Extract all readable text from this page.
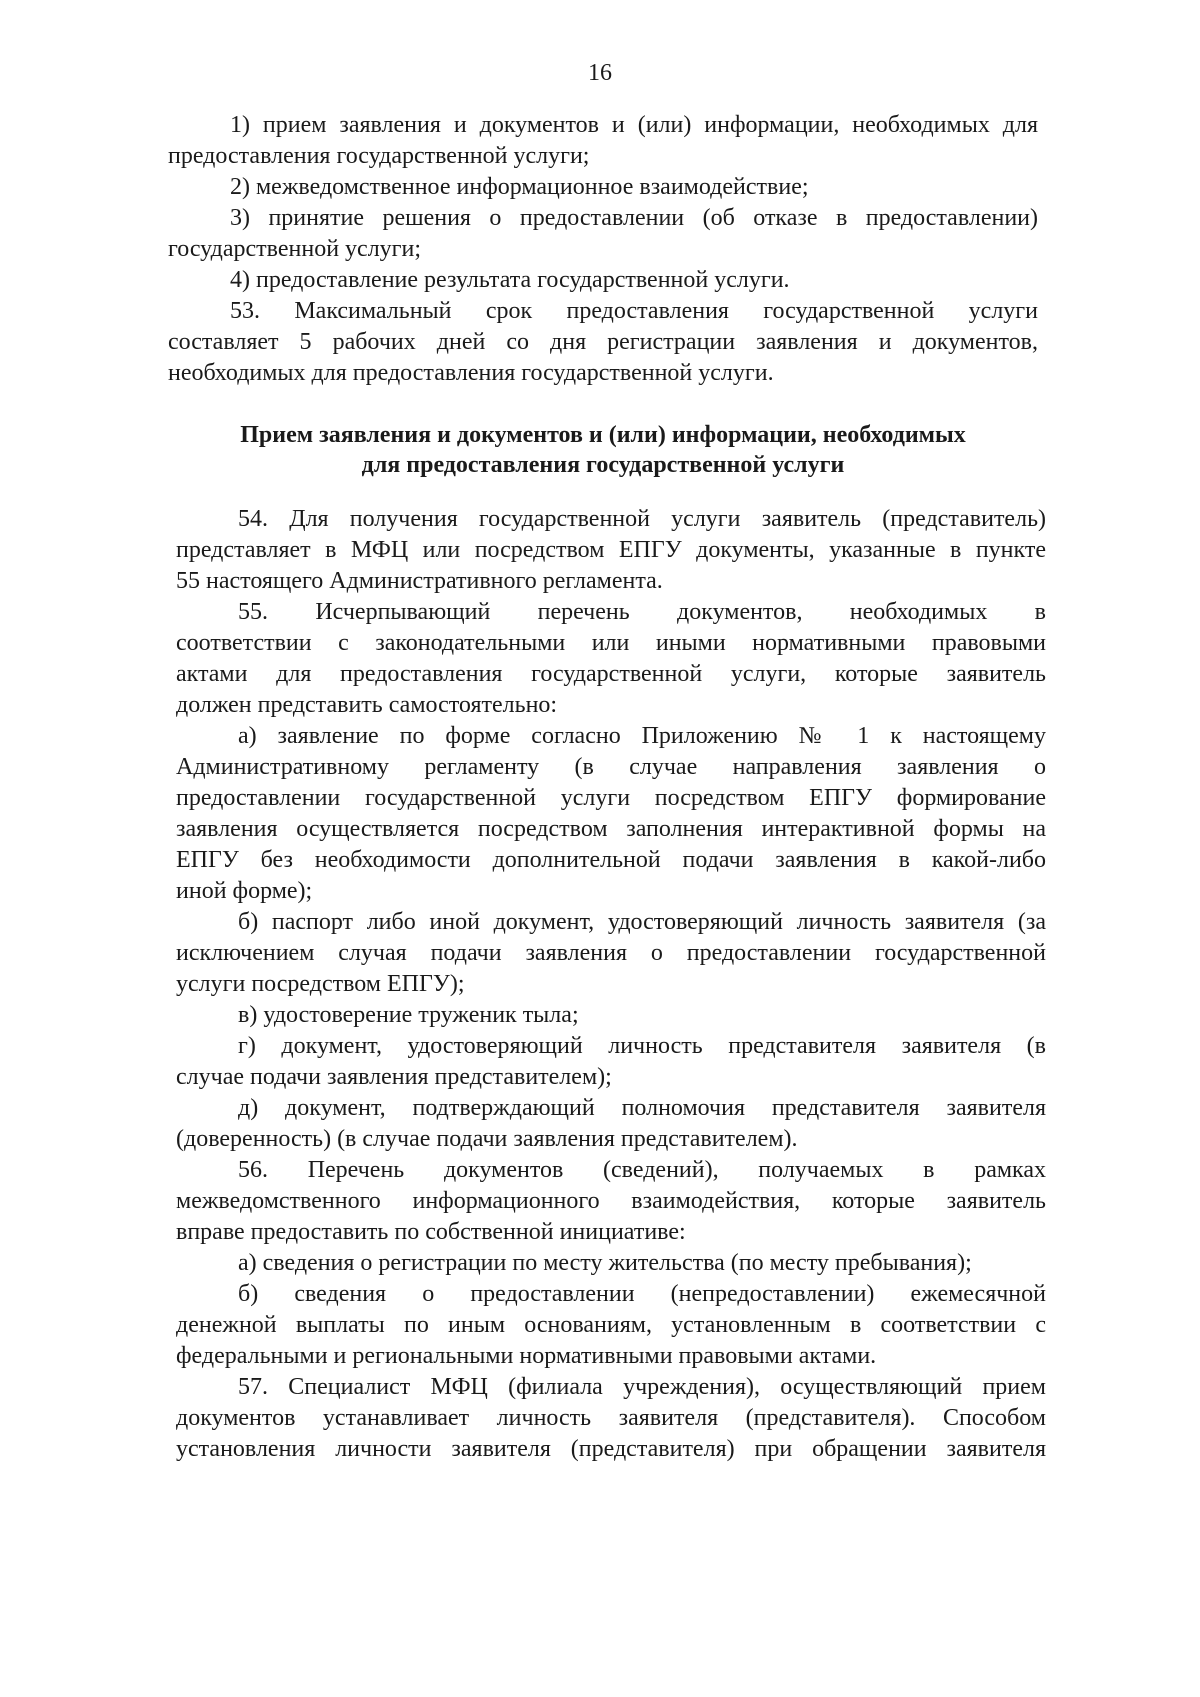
16
1) прием заявления и документов и (или) информации, необходимых для
предоставления государственной услуги;
2) межведомственное информационное взаимодействие;
3) принятие решения о предоставлении (об отказе в предоставлении)
государственной услуги;
4) предоставление результата государственной услуги.
53. Максимальный срок предоставления государственной услуги
составляет 5 рабочих дней со дня регистрации заявления и документов,
необходимых для предоставления государственной услуги.
Прием заявления и документов и (или) информации, необходимых
для предоставления государственной услуги
54. Для получения государственной услуги заявитель (представитель)
представляет в МФЦ или посредством ЕПГУ документы, указанные в пункте
55 настоящего Административного регламента.
55. Исчерпывающий перечень документов, необходимых в
соответствии с законодательными или иными нормативными правовыми
актами для предоставления государственной услуги, которые заявитель
должен представить самостоятельно:
а) заявление по форме согласно Приложению № 1 к настоящему
Административному регламенту (в случае направления заявления о
предоставлении государственной услуги посредством ЕПГУ формирование
заявления осуществляется посредством заполнения интерактивной формы на
ЕПГУ без необходимости дополнительной подачи заявления в какой-либо
иной форме);
б) паспорт либо иной документ, удостоверяющий личность заявителя (за
исключением случая подачи заявления о предоставлении государственной
услуги посредством ЕПГУ);
в) удостоверение труженик тыла;
г) документ, удостоверяющий личность представителя заявителя (в
случае подачи заявления представителем);
д) документ, подтверждающий полномочия представителя заявителя
(доверенность) (в случае подачи заявления представителем).
56. Перечень документов (сведений), получаемых в рамках
межведомственного информационного взаимодействия, которые заявитель
вправе предоставить по собственной инициативе:
а) сведения о регистрации по месту жительства (по месту пребывания);
б) сведения о предоставлении (непредоставлении) ежемесячной
денежной выплаты по иным основаниям, установленным в соответствии с
федеральными и региональными нормативными правовыми актами.
57. Специалист МФЦ (филиала учреждения), осуществляющий прием
документов устанавливает личность заявителя (представителя). Способом
установления личности заявителя (представителя) при обращении заявителя
